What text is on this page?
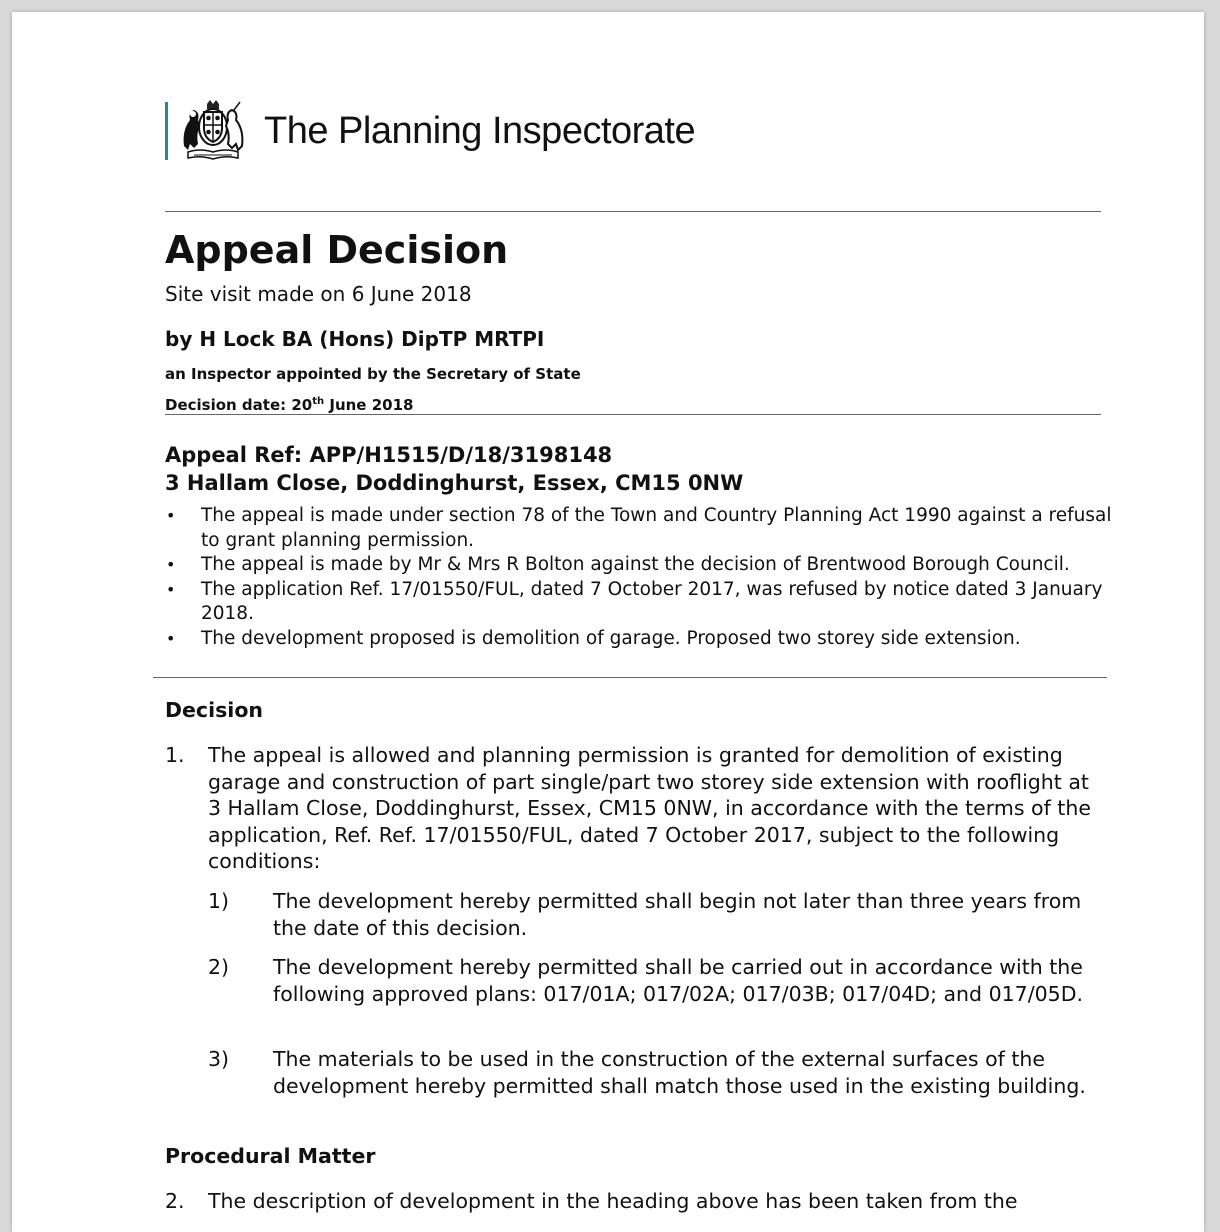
The Planning Inspectorate
Appeal Decision
Site visit made on 6 June 2018
by H Lock BA (Hons) DipTP MRTPI
an Inspector appointed by the Secretary of State
Decision date: 20th June 2018
Appeal Ref: APP/H1515/D/18/3198148
3 Hallam Close, Doddinghurst, Essex, CM15 0NW
• The appeal is made under section 78 of the Town and Country Planning Act 1990 against a refusal to grant planning permission.
• The appeal is made by Mr & Mrs R Bolton against the decision of Brentwood Borough Council.
• The application Ref. 17/01550/FUL, dated 7 October 2017, was refused by notice dated 3 January 2018.
• The development proposed is demolition of garage. Proposed two storey side extension.
Decision
1. The appeal is allowed and planning permission is granted for demolition of existing garage and construction of part single/part two storey side extension with rooflight at 3 Hallam Close, Doddinghurst, Essex, CM15 0NW, in accordance with the terms of the application, Ref. Ref. 17/01550/FUL, dated 7 October 2017, subject to the following conditions:
1) The development hereby permitted shall begin not later than three years from the date of this decision.
2) The development hereby permitted shall be carried out in accordance with the following approved plans: 017/01A; 017/02A; 017/03B; 017/04D; and 017/05D.
3) The materials to be used in the construction of the external surfaces of the development hereby permitted shall match those used in the existing building.
Procedural Matter
2. The description of development in the heading above has been taken from the
